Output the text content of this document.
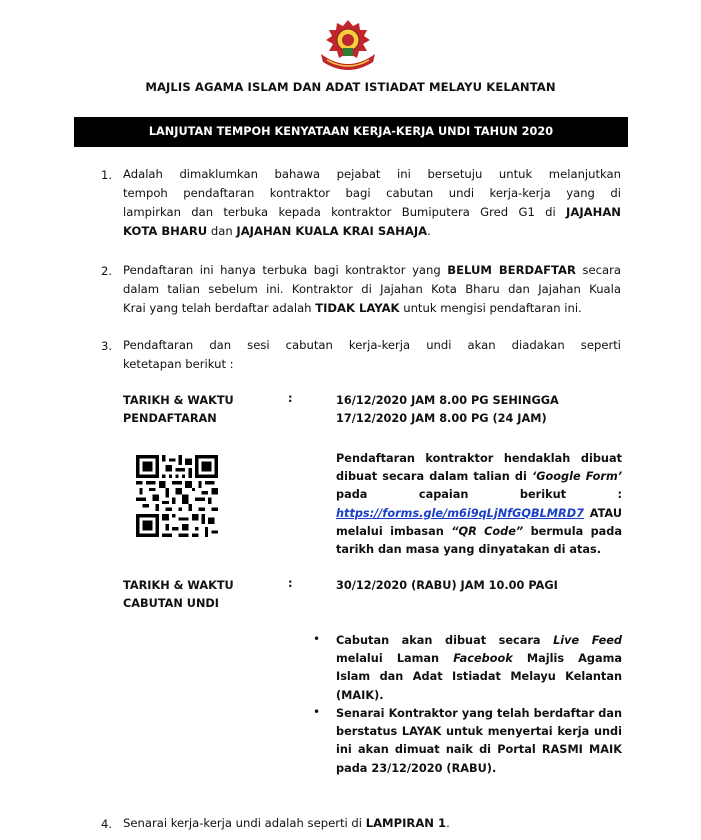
MAJLIS AGAMA ISLAM DAN ADAT ISTIADAT MELAYU KELANTAN
LANJUTAN TEMPOH KENYATAAN KERJA-KERJA UNDI TAHUN 2020
1. Adalah dimaklumkan bahawa pejabat ini bersetuju untuk melanjutkan
tempoh pendaftaran kontraktor bagi cabutan undi kerja-kerja yang di
lampirkan dan terbuka kepada kontraktor Bumiputera Gred G1 di JAJAHAN
KOTA BHARU dan JAJAHAN KUALA KRAI SAHAJA.
2. Pendaftaran ini hanya terbuka bagi kontraktor yang BELUM BERDAFTAR secara
dalam talian sebelum ini. Kontraktor di Jajahan Kota Bharu dan Jajahan Kuala
Krai yang telah berdaftar adalah TIDAK LAYAK untuk mengisi pendaftaran ini.
3. Pendaftaran dan sesi cabutan kerja-kerja undi akan diadakan seperti
ketetapan berikut :
TARIKH & WAKTU
PENDAFTARAN
:	16/12/2020 JAM 8.00 PG SEHINGGA
17/12/2020 JAM 8.00 PG (24 JAM)
Pendaftaran kontraktor hendaklah dibuat
dibuat secara dalam talian di ‘Google Form’
pada capaian berikut :
https://forms.gle/m6i9qLjNfGQBLMRD7 ATAU
melalui imbasan “QR Code” bermula pada
tarikh dan masa yang dinyatakan di atas.
TARIKH & WAKTU
CABUTAN UNDI
:	30/12/2020 (RABU) JAM 10.00 PAGI
• Cabutan akan dibuat secara Live Feed
melalui Laman Facebook Majlis Agama
Islam dan Adat Istiadat Melayu Kelantan
(MAIK).
• Senarai Kontraktor yang telah berdaftar dan
berstatus LAYAK untuk menyertai kerja undi
ini akan dimuat naik di Portal RASMI MAIK
pada 23/12/2020 (RABU).
4. Senarai kerja-kerja undi adalah seperti di LAMPIRAN 1.
